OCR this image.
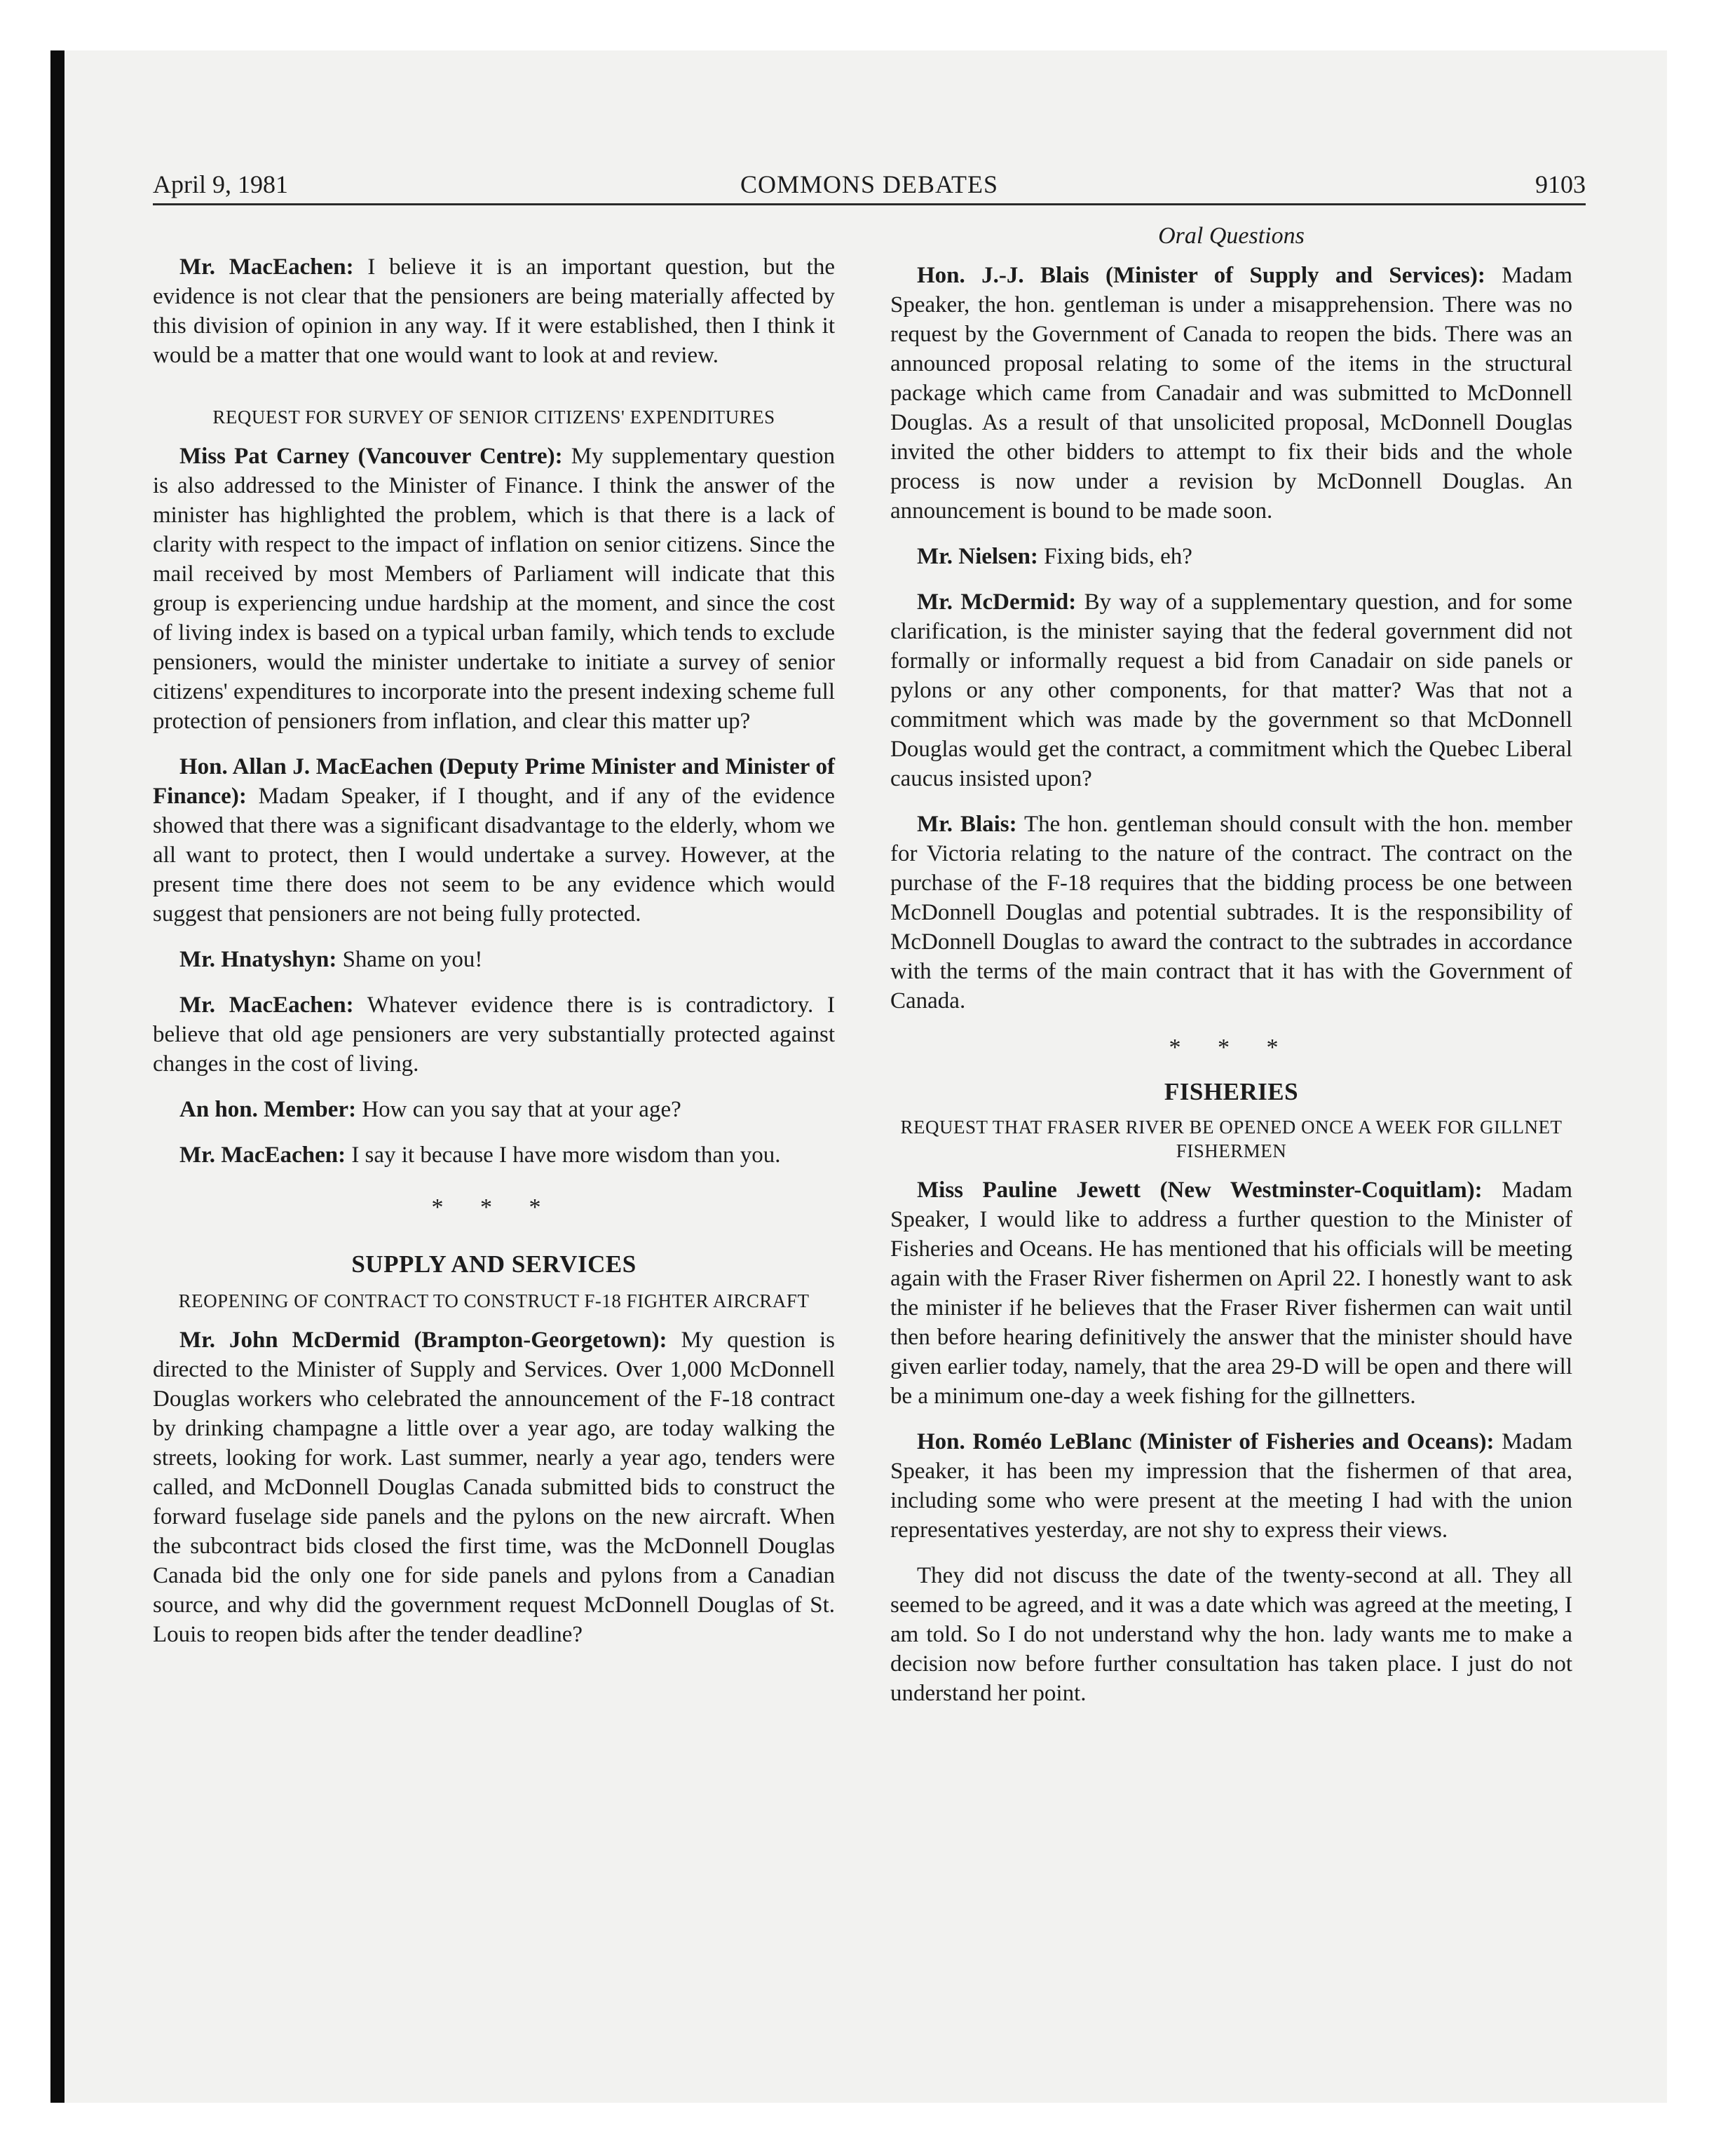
April 9, 1981	COMMONS DEBATES	9103

Mr. MacEachen: I believe it is an important question, but the evidence is not clear that the pensioners are being materially affected by this division of opinion in any way. If it were established, then I think it would be a matter that one would want to look at and review.

REQUEST FOR SURVEY OF SENIOR CITIZENS' EXPENDITURES

Miss Pat Carney (Vancouver Centre): My supplementary question is also addressed to the Minister of Finance. I think the answer of the minister has highlighted the problem, which is that there is a lack of clarity with respect to the impact of inflation on senior citizens. Since the mail received by most Members of Parliament will indicate that this group is experiencing undue hardship at the moment, and since the cost of living index is based on a typical urban family, which tends to exclude pensioners, would the minister undertake to initiate a survey of senior citizens' expenditures to incorporate into the present indexing scheme full protection of pensioners from inflation, and clear this matter up?

Hon. Allan J. MacEachen (Deputy Prime Minister and Minister of Finance): Madam Speaker, if I thought, and if any of the evidence showed that there was a significant disadvantage to the elderly, whom we all want to protect, then I would undertake a survey. However, at the present time there does not seem to be any evidence which would suggest that pensioners are not being fully protected.

Mr. Hnatyshyn: Shame on you!

Mr. MacEachen: Whatever evidence there is is contradictory. I believe that old age pensioners are very substantially protected against changes in the cost of living.

An hon. Member: How can you say that at your age?

Mr. MacEachen: I say it because I have more wisdom than you.

* * *
SUPPLY AND SERVICES
REOPENING OF CONTRACT TO CONSTRUCT F-18 FIGHTER AIRCRAFT

Mr. John McDermid (Brampton-Georgetown): My question is directed to the Minister of Supply and Services. Over 1,000 McDonnell Douglas workers who celebrated the announcement of the F-18 contract by drinking champagne a little over a year ago, are today walking the streets, looking for work. Last summer, nearly a year ago, tenders were called, and McDonnell Douglas Canada submitted bids to construct the forward fuselage side panels and the pylons on the new aircraft. When the subcontract bids closed the first time, was the McDonnell Douglas Canada bid the only one for side panels and pylons from a Canadian source, and why did the government request McDonnell Douglas of St. Louis to reopen bids after the tender deadline?

Oral Questions

Hon. J.-J. Blais (Minister of Supply and Services): Madam Speaker, the hon. gentleman is under a misapprehension. There was no request by the Government of Canada to reopen the bids. There was an announced proposal relating to some of the items in the structural package which came from Canadair and was submitted to McDonnell Douglas. As a result of that unsolicited proposal, McDonnell Douglas invited the other bidders to attempt to fix their bids and the whole process is now under a revision by McDonnell Douglas. An announcement is bound to be made soon.

Mr. Nielsen: Fixing bids, eh?

Mr. McDermid: By way of a supplementary question, and for some clarification, is the minister saying that the federal government did not formally or informally request a bid from Canadair on side panels or pylons or any other components, for that matter? Was that not a commitment which was made by the government so that McDonnell Douglas would get the contract, a commitment which the Quebec Liberal caucus insisted upon?

Mr. Blais: The hon. gentleman should consult with the hon. member for Victoria relating to the nature of the contract. The contract on the purchase of the F-18 requires that the bidding process be one between McDonnell Douglas and potential subtrades. It is the responsibility of McDonnell Douglas to award the contract to the subtrades in accordance with the terms of the main contract that it has with the Government of Canada.

* * *
FISHERIES
REQUEST THAT FRASER RIVER BE OPENED ONCE A WEEK FOR GILLNET FISHERMEN

Miss Pauline Jewett (New Westminster-Coquitlam): Madam Speaker, I would like to address a further question to the Minister of Fisheries and Oceans. He has mentioned that his officials will be meeting again with the Fraser River fishermen on April 22. I honestly want to ask the minister if he believes that the Fraser River fishermen can wait until then before hearing definitively the answer that the minister should have given earlier today, namely, that the area 29-D will be open and there will be a minimum one-day a week fishing for the gillnetters.

Hon. Roméo LeBlanc (Minister of Fisheries and Oceans): Madam Speaker, it has been my impression that the fishermen of that area, including some who were present at the meeting I had with the union representatives yesterday, are not shy to express their views.

They did not discuss the date of the twenty-second at all. They all seemed to be agreed, and it was a date which was agreed at the meeting, I am told. So I do not understand why the hon. lady wants me to make a decision now before further consultation has taken place. I just do not understand her point.
